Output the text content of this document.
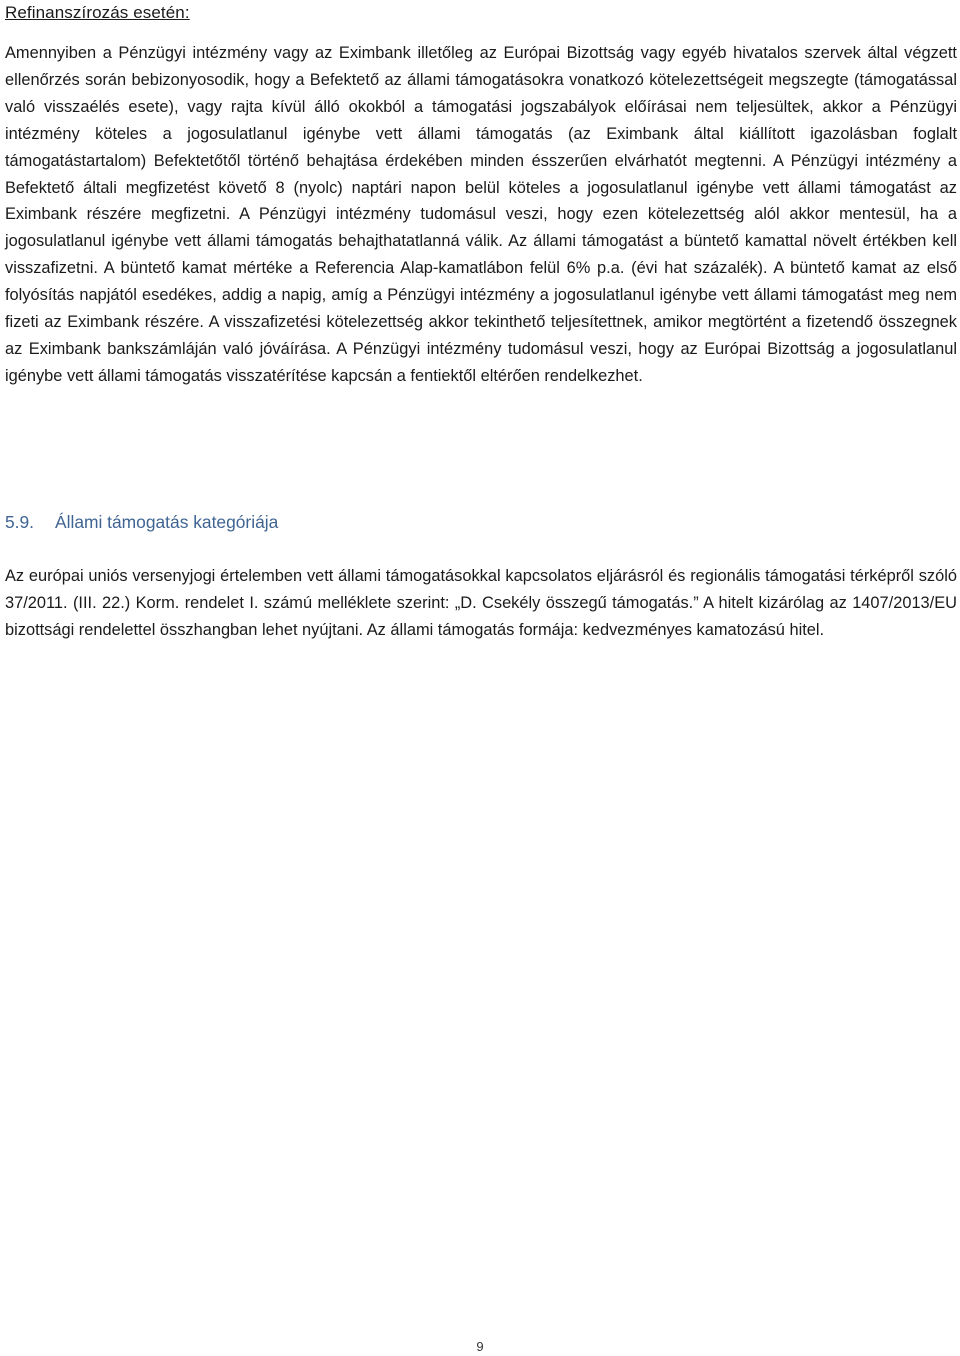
Refinanszírozás esetén:

Amennyiben a Pénzügyi intézmény vagy az Eximbank illetőleg az Európai Bizottság vagy egyéb hivatalos szervek által végzett ellenőrzés során bebizonyosodik, hogy a Befektető az állami támogatásokra vonatkozó kötelezettségeit megszegte (támogatással való visszaélés esete), vagy rajta kívül álló okokból a támogatási jogszabályok előírásai nem teljesültek, akkor a Pénzügyi intézmény köteles a jogosulatlanul igénybe vett állami támogatás (az Eximbank által kiállított igazolásban foglalt támogatástartalom) Befektetőtől történő behajtása érdekében minden ésszerűen elvárhatót megtenni. A Pénzügyi intézmény a Befektető általi megfizetést követő 8 (nyolc) naptári napon belül köteles a jogosulatlanul igénybe vett állami támogatást az Eximbank részére megfizetni. A Pénzügyi intézmény tudomásul veszi, hogy ezen kötelezettség alól akkor mentesül, ha a jogosulatlanul igénybe vett állami támogatás behajthatatlanná válik. Az állami támogatást a büntető kamattal növelt értékben kell visszafizetni. A büntető kamat mértéke a Referencia Alap-kamatlábon felül 6% p.a. (évi hat százalék). A büntető kamat az első folyósítás napjától esedékes, addig a napig, amíg a Pénzügyi intézmény a jogosulatlanul igénybe vett állami támogatást meg nem fizeti az Eximbank részére. A visszafizetési kötelezettség akkor tekinthető teljesítettnek, amikor megtörtént a fizetendő összegnek az Eximbank bankszámláján való jóváírása. A Pénzügyi intézmény tudomásul veszi, hogy az Európai Bizottság a jogosulatlanul igénybe vett állami támogatás visszatérítése kapcsán a fentiektől eltérően rendelkezhet.

5.9. Állami támogatás kategóriája

Az európai uniós versenyjogi értelemben vett állami támogatásokkal kapcsolatos eljárásról és regionális támogatási térképről szóló 37/2011. (III. 22.) Korm. rendelet I. számú melléklete szerint: „D. Csekély összegű támogatás.” A hitelt kizárólag az 1407/2013/EU bizottsági rendelettel összhangban lehet nyújtani. Az állami támogatás formája: kedvezményes kamatozású hitel.

9
